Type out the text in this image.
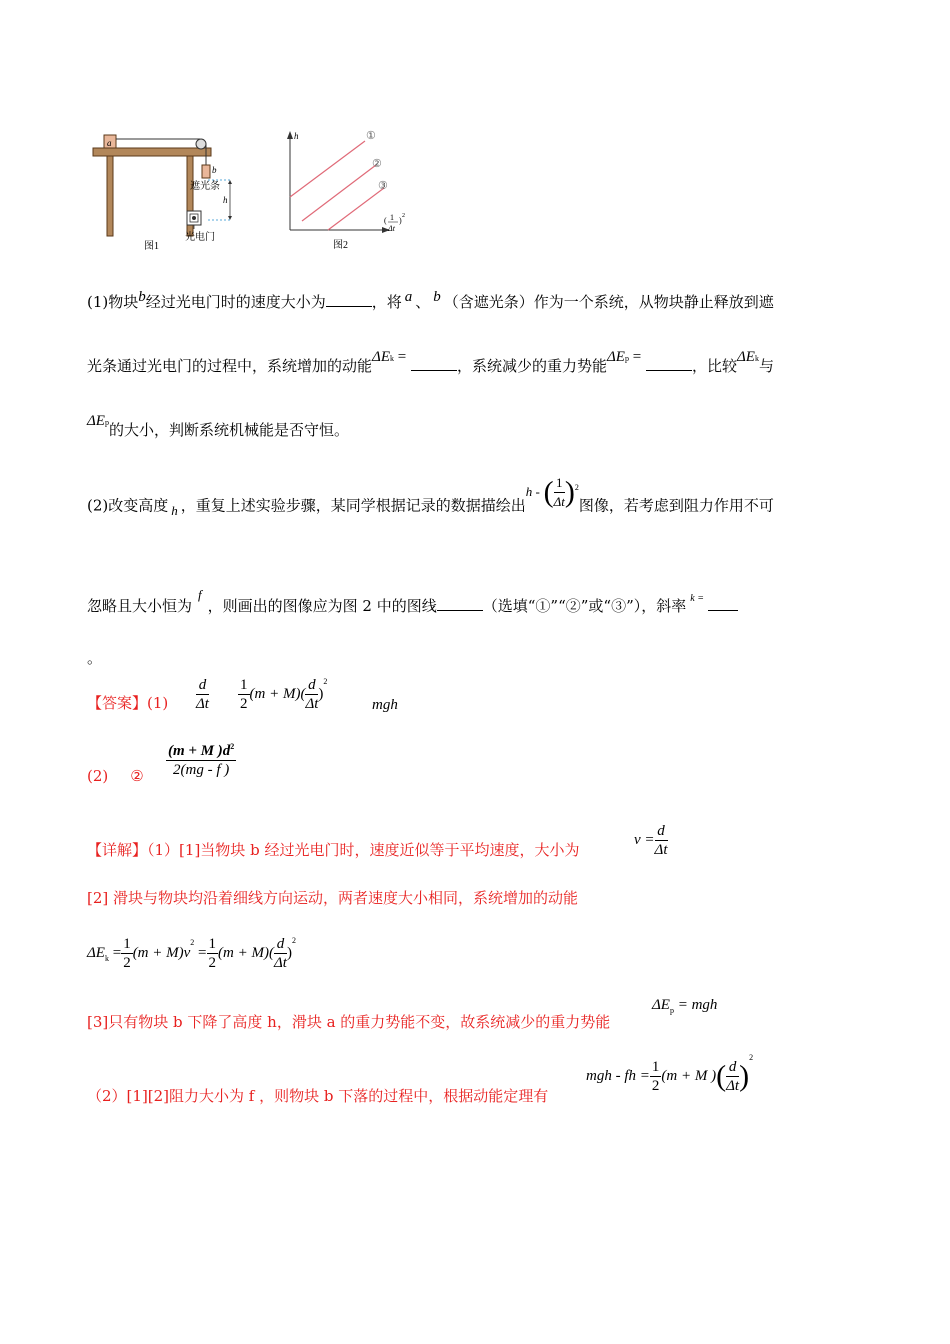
a
b
h
遮光条
光电门
图1
h
( 1
Δt
) 2
①
②
③
图2
(1)物块b经过光电门时的速度大小为	，将 a 、 b （含遮光条）作为一个系统，从物块静止释放到遮
光条通过光电门的过程中，系统增加的动能ΔEk =	，系统减少的重力势能ΔEp =	，比较ΔEk与
ΔEp的大小，判断系统机械能是否守恒。
(2)改变高度 h ，重复上述实验步骤，某同学根据记录的数据描绘出h - ( $\frac{1}{\Delta t} )^2$图像，若考虑到阻力作用不可
忽略且大小恒为f，则画出的图像应为图 2 中的图线	（选填“①”“②”或“③”），斜率 $^{k =}$
。
【答案】$(1) \frac{d}{\Delta t} \frac{1}{2} (m + M)( \frac{d}{\Delta t} )^2$
mgh
(2) ② $\frac{(m + M )d^2}{2(mg - f )}$
【详解】（1）[1]当物块 b 经过光电门时，速度近似等于平均速度，大小为
$v = \frac{d}{\Delta t}$
[2] 滑块与物块均沿着细线方向运动，两者速度大小相同，系统增加的动能
$\Delta E_k = \frac{1}{2} (m + M)v^2 = \frac{1}{2} (m + M)( \frac{d}{\Delta t} )^2$
[3]只有物块 b 下降了高度 h，滑块 a 的重力势能不变，故系统减少的重力势能
$\Delta E_p$ = mgh
（2）[1][2]阻力大小为 f ，则物块 b 下落的过程中，根据动能定理有
mgh - fh = $\frac{1}{2} (m + M$ )( $\frac{d}{\Delta t} )^2$
